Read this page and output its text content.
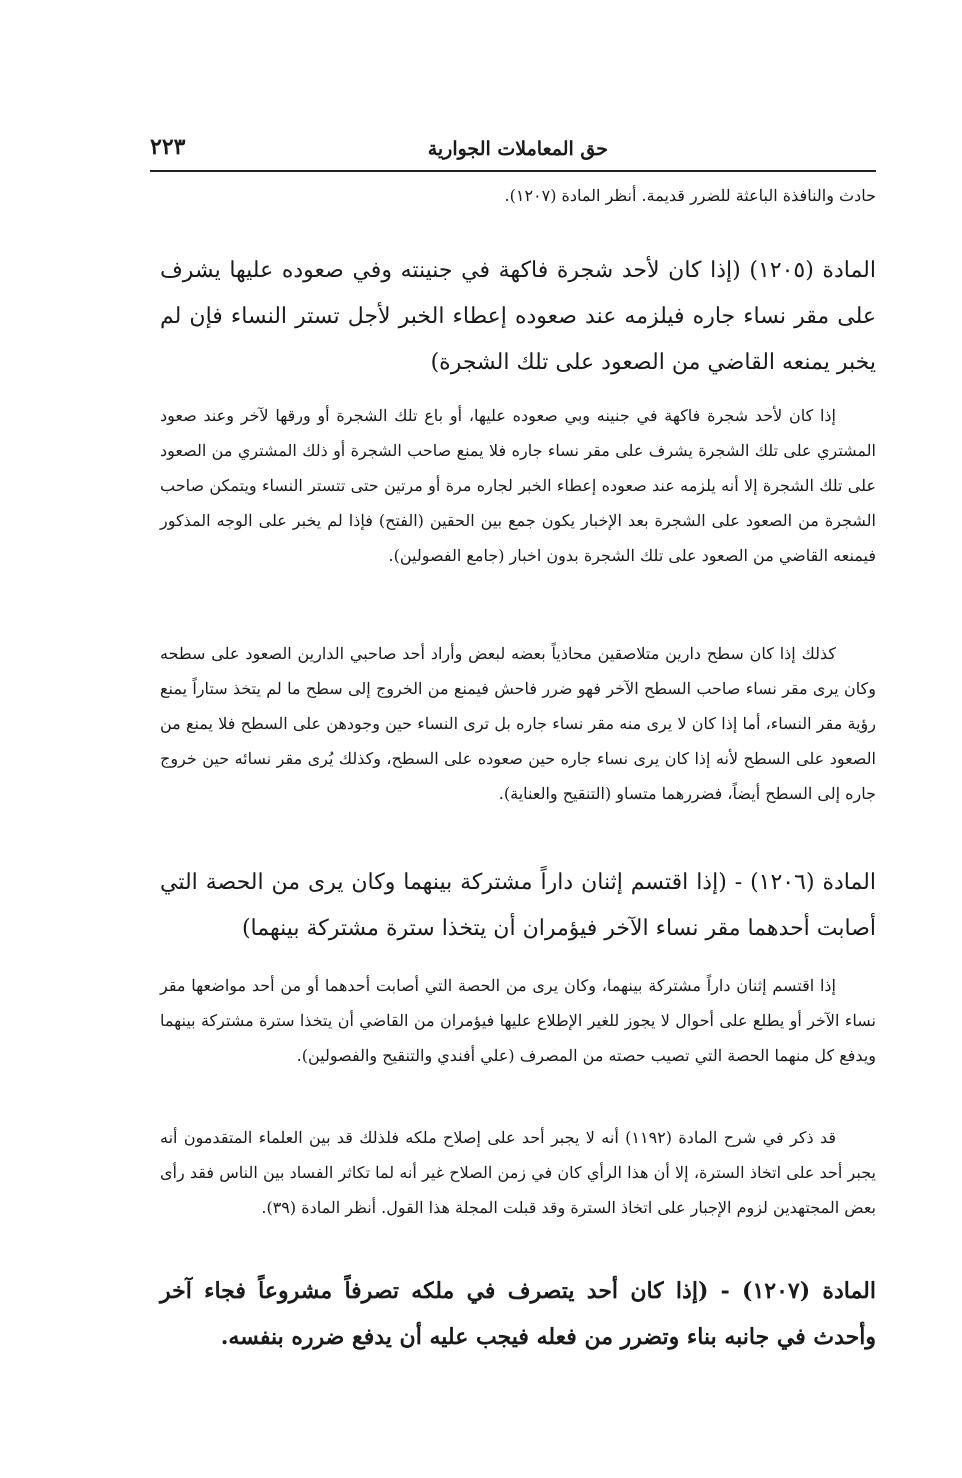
حق المعاملات الجوارية
٢٢٣

حادث والنافذة الباعثة للضرر قديمة. أنظر المادة (١٢٠٧).

المادة (١٢٠٥) (إذا كان لأحد شجرة فاكهة في جنينته وفي صعوده عليها يشرف على مقر نساء جاره فيلزمه عند صعوده إعطاء الخبر لأجل تستر النساء فإن لم يخبر يمنعه القاضي من الصعود على تلك الشجرة)

إذا كان لأحد شجرة فاكهة في جنينه وبي صعوده عليها، أو باع تلك الشجرة أو ورقها لآخر وعند صعود المشتري على تلك الشجرة يشرف على مقر نساء جاره فلا يمنع صاحب الشجرة أو ذلك المشتري من الصعود على تلك الشجرة إلا أنه يلزمه عند صعوده إعطاء الخبر لجاره مرة أو مرتين حتى تتستر النساء ويتمكن صاحب الشجرة من الصعود على الشجرة بعد الإخبار يكون جمع بين الحقين (الفتح) فإذا لم يخبر على الوجه المذكور فيمنعه القاضي من الصعود على تلك الشجرة بدون اخبار (جامع الفصولين).

كذلك إذا كان سطح دارين متلاصقين محاذياً بعضه لبعض وأراد أحد صاحبي الدارين الصعود على سطحه وكان يرى مقر نساء صاحب السطح الآخر فهو ضرر فاحش فيمنع من الخروج إلى سطح ما لم يتخذ ستاراً يمنع رؤية مقر النساء، أما إذا كان لا يرى منه مقر نساء جاره بل ترى النساء حين وجودهن على السطح فلا يمنع من الصعود على السطح لأنه إذا كان يرى نساء جاره حين صعوده على السطح، وكذلك يُرى مقر نسائه حين خروج جاره إلى السطح أيضاً، فضررهما متساو (التنقيح والعناية).

المادة (١٢٠٦) - (إذا اقتسم إثنان داراً مشتركة بينهما وكان يرى من الحصة التي أصابت أحدهما مقر نساء الآخر فيؤمران أن يتخذا سترة مشتركة بينهما)

إذا اقتسم إثنان داراً مشتركة بينهما، وكان يرى من الحصة التي أصابت أحدهما أو من أحد مواضعها مقر نساء الآخر أو يطلع على أحوال لا يجوز للغير الإطلاع عليها فيؤمران من القاضي أن يتخذا سترة مشتركة بينهما ويدفع كل منهما الحصة التي تصيب حصته من المصرف (علي أفندي والتنقيح والفصولين).

قد ذكر في شرح المادة (١١٩٢) أنه لا يجبر أحد على إصلاح ملكه فلذلك قد بين العلماء المتقدمون أنه يجبر أحد على اتخاذ السترة، إلا أن هذا الرأي كان في زمن الصلاح غير أنه لما تكاثر الفساد بين الناس فقد رأى بعض المجتهدين لزوم الإجبار على اتخاذ السترة وقد قبلت المجلة هذا القول. أنظر المادة (٣٩).

المادة (١٢٠٧) - (إذا كان أحد يتصرف في ملكه تصرفاً مشروعاً فجاء آخر وأحدث في جانبه بناء وتضرر من فعله فيجب عليه أن يدفع ضرره بنفسه.
